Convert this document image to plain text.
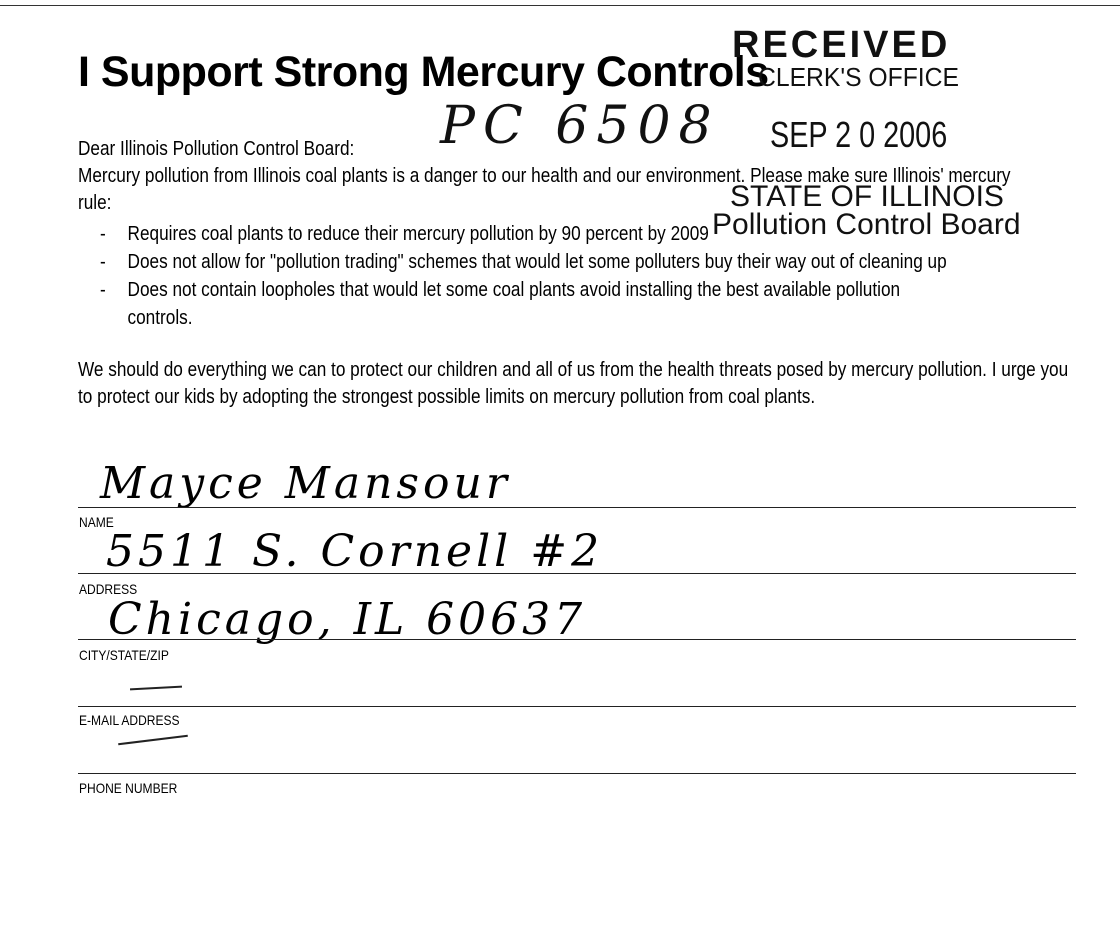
I Support Strong Mercury Controls
RECEIVED
CLERK'S OFFICE
SEP 2 0 2006
STATE OF ILLINOIS
Pollution Control Board
PC 6508
Dear Illinois Pollution Control Board:
Mercury pollution from Illinois coal plants is a danger to our health and our environment. Please make sure Illinois' mercury rule:
- Requires coal plants to reduce their mercury pollution by 90 percent by 2009
- Does not allow for "pollution trading" schemes that would let some polluters buy their way out of cleaning up
- Does not contain loopholes that would let some coal plants avoid installing the best available pollution controls.
We should do everything we can to protect our children and all of us from the health threats posed by mercury pollution. I urge you to protect our kids by adopting the strongest possible limits on mercury pollution from coal plants.
Mayce Mansour
NAME
5511 S. Cornell #2
ADDRESS
Chicago, IL 60637
CITY/STATE/ZIP
E-MAIL ADDRESS
PHONE NUMBER
